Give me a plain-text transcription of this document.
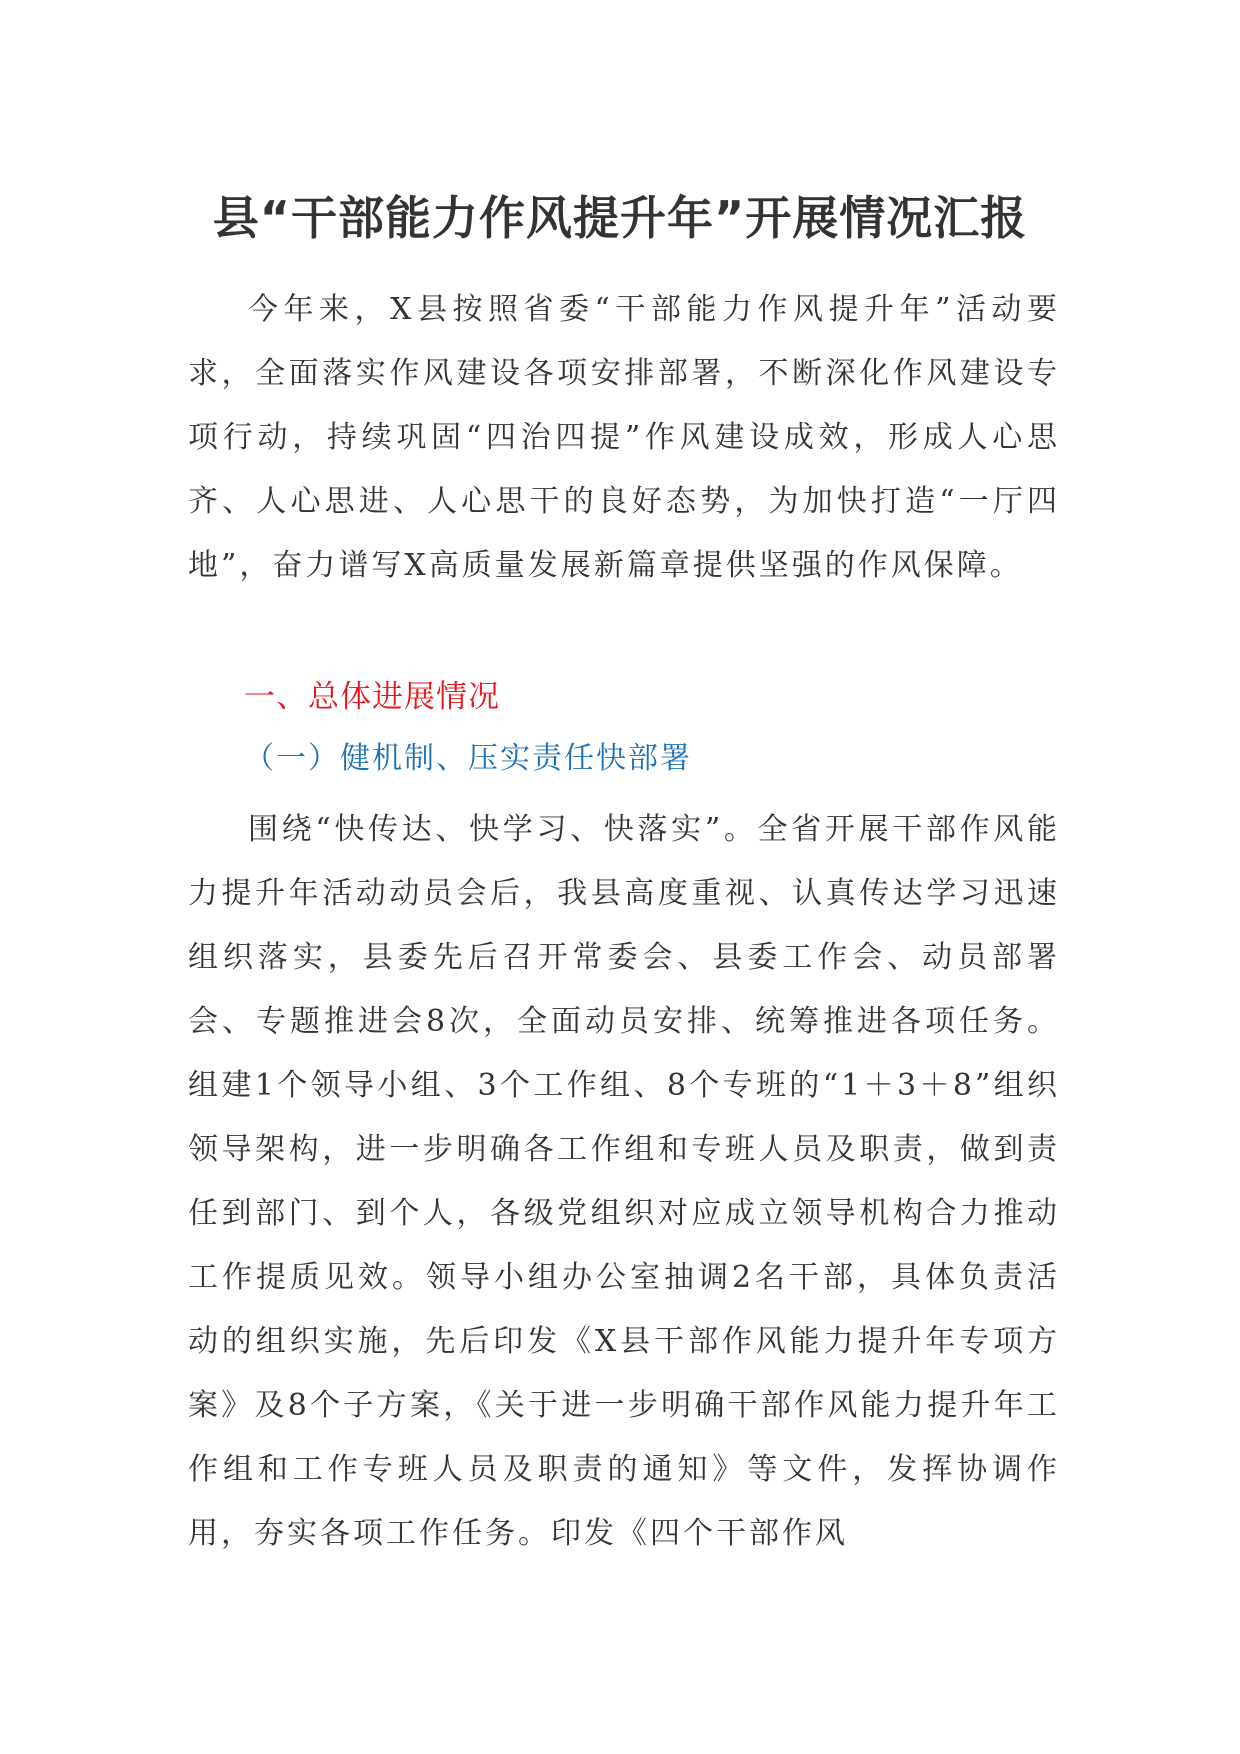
县“干部能力作风提升年”开展情况汇报

今年来，X县按照省委“干部能力作风提升年”活动要求，全面落实作风建设各项安排部署，不断深化作风建设专项行动，持续巩固“四治四提”作风建设成效，形成人心思齐、人心思进、人心思干的良好态势，为加快打造“一厅四地”，奋力谱写X高质量发展新篇章提供坚强的作风保障。

一、总体进展情况
（一）健机制、压实责任快部署

围绕“快传达、快学习、快落实”。全省开展干部作风能力提升年活动动员会后，我县高度重视、认真传达学习迅速组织落实，县委先后召开常委会、县委工作会、动员部署会、专题推进会8次，全面动员安排、统筹推进各项任务。组建1个领导小组、3个工作组、8个专班的“1＋3＋8”组织领导架构，进一步明确各工作组和专班人员及职责，做到责任到部门、到个人，各级党组织对应成立领导机构合力推动工作提质见效。领导小组办公室抽调2名干部，具体负责活动的组织实施，先后印发《X县干部作风能力提升年专项方案》及8个子方案，《关于进一步明确干部作风能力提升年工作组和工作专班人员及职责的通知》等文件，发挥协调作用，夯实各项工作任务。印发《四个干部作风
